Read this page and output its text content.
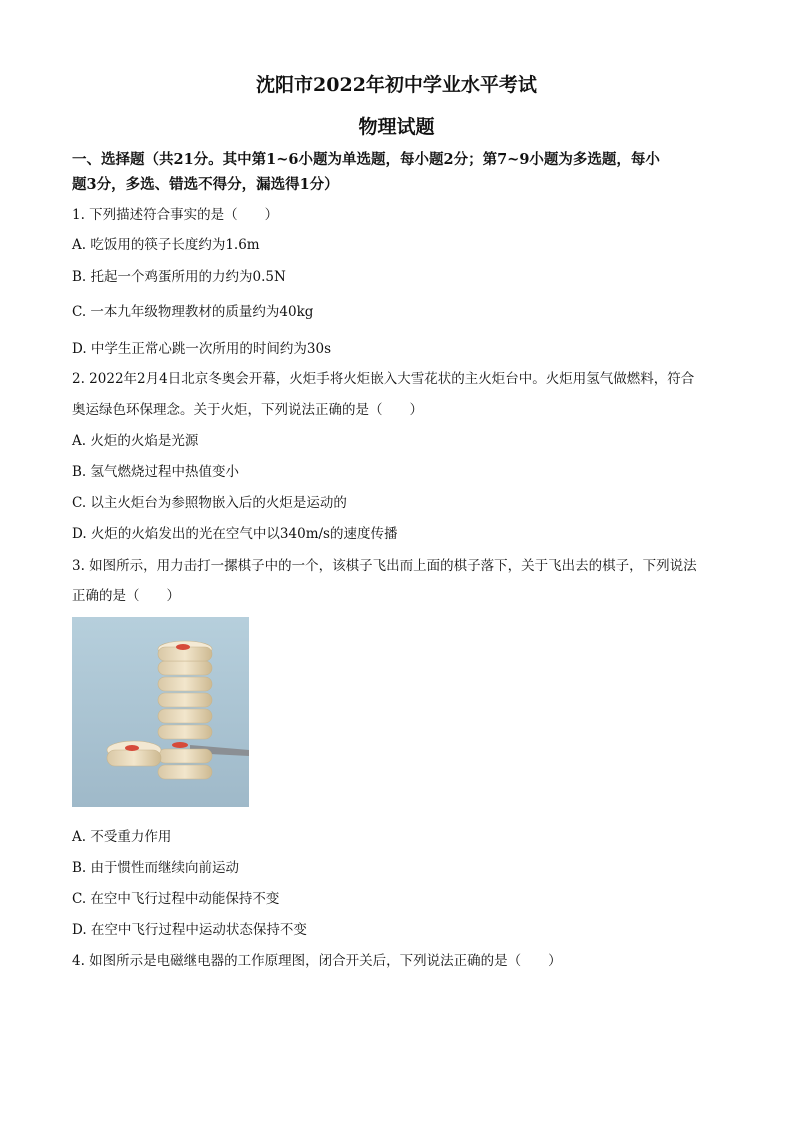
沈阳市2022年初中学业水平考试
物理试题
一、选择题（共21分。其中第1~6小题为单选题，每小题2分；第7~9小题为多选题，每小
题3分，多选、错选不得分，漏选得1分）
1. 下列描述符合事实的是（　　）
A. 吃饭用的筷子长度约为1.6m
B. 托起一个鸡蛋所用的力约为0.5N
C. 一本九年级物理教材的质量约为40kg
D. 中学生正常心跳一次所用的时间约为30s
2. 2022年2月4日北京冬奥会开幕，火炬手将火炬嵌入大雪花状的主火炬台中。火炬用氢气做燃料，符合
奥运绿色环保理念。关于火炬，下列说法正确的是（　　）
A. 火炬的火焰是光源
B. 氢气燃烧过程中热值变小
C. 以主火炬台为参照物嵌入后的火炬是运动的
D. 火炬的火焰发出的光在空气中以340m/s的速度传播
3. 如图所示，用力击打一摞棋子中的一个，该棋子飞出而上面的棋子落下，关于飞出去的棋子，下列说法
正确的是（　　）
A. 不受重力作用
B. 由于惯性而继续向前运动
C. 在空中飞行过程中动能保持不变
D. 在空中飞行过程中运动状态保持不变
4. 如图所示是电磁继电器的工作原理图，闭合开关后，下列说法正确的是（　　）
